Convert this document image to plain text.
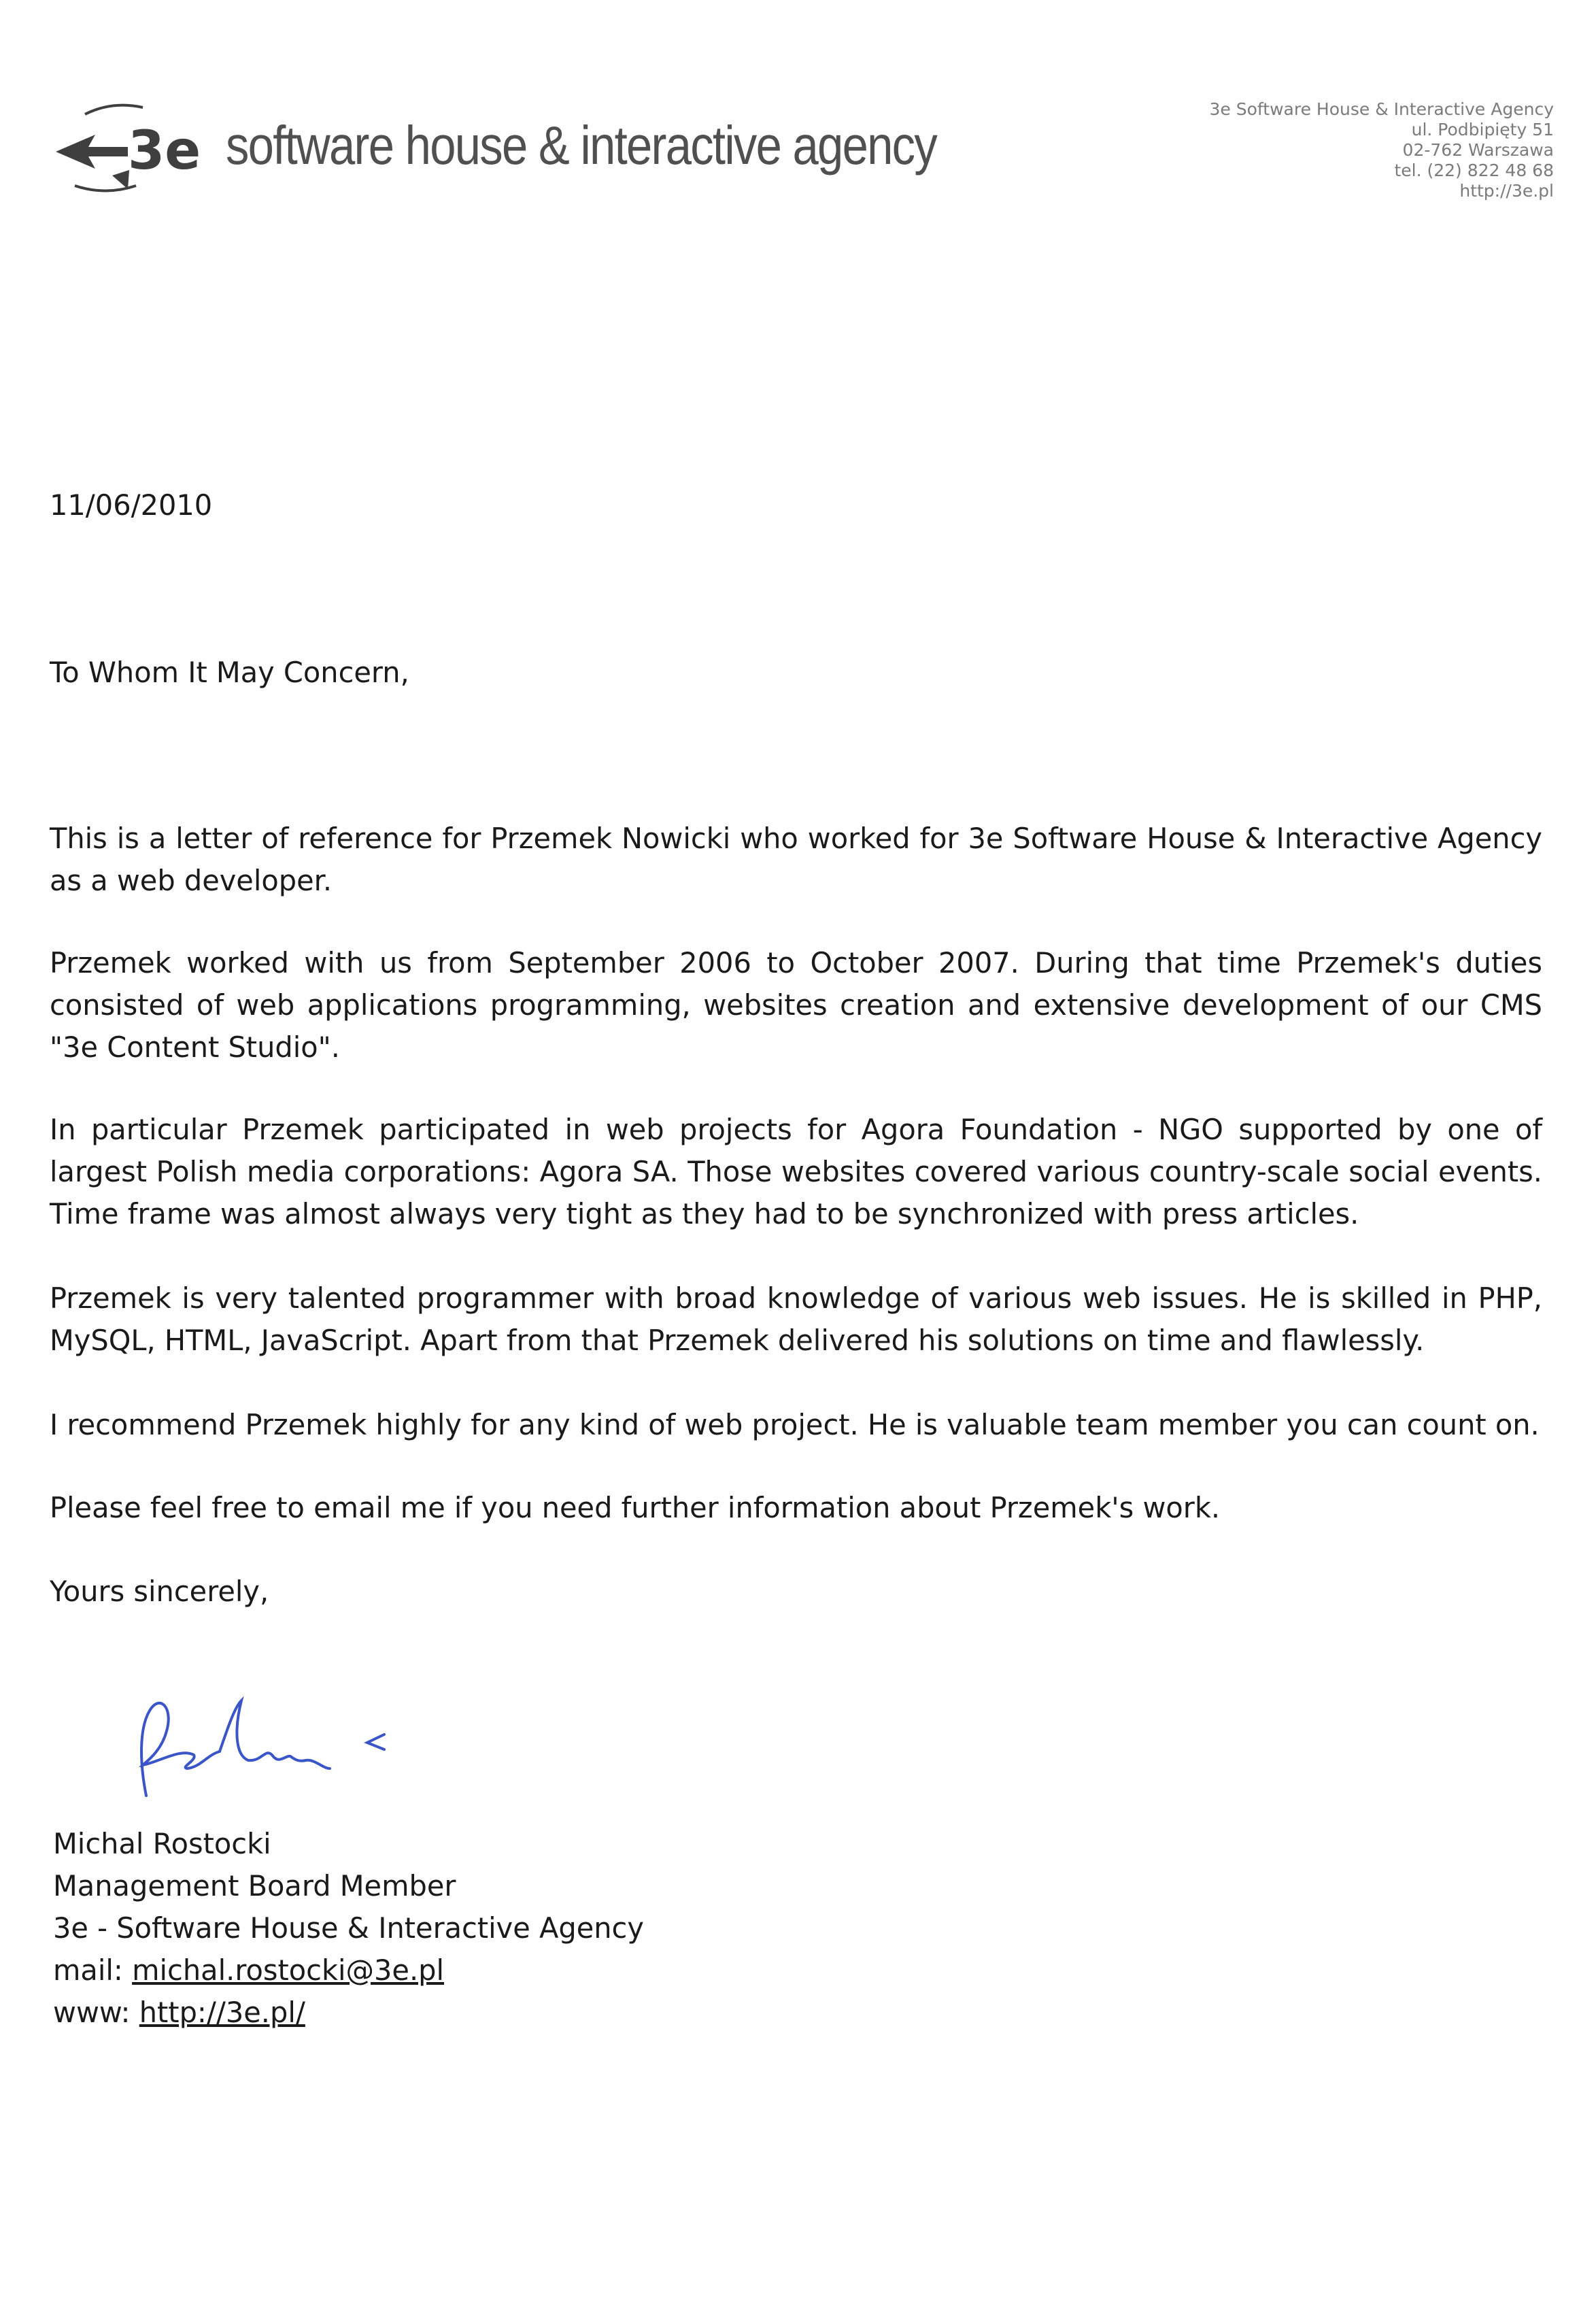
3e software house & interactive agency
3e Software House & Interactive Agency
ul. Podbipięty 51
02-762 Warszawa
tel. (22) 822 48 68
http://3e.pl
11/06/2010
To Whom It May Concern,
This is a letter of reference for Przemek Nowicki who worked for 3e Software House & Interactive Agency as a web developer.
Przemek worked with us from September 2006 to October 2007. During that time Przemek's duties consisted of web applications programming, websites creation and extensive development of our CMS "3e Content Studio".
In particular Przemek participated in web projects for Agora Foundation - NGO supported by one of largest Polish media corporations: Agora SA. Those websites covered various country-scale social events. Time frame was almost always very tight as they had to be synchronized with press articles.
Przemek is very talented programmer with broad knowledge of various web issues. He is skilled in PHP, MySQL, HTML, JavaScript. Apart from that Przemek delivered his solutions on time and flawlessly.
I recommend Przemek highly for any kind of web project. He is valuable team member you can count on.
Please feel free to email me if you need further information about Przemek's work.
Yours sincerely,
Michal Rostocki
Management Board Member
3e - Software House & Interactive Agency
mail: michal.rostocki@3e.pl
www: http://3e.pl/
